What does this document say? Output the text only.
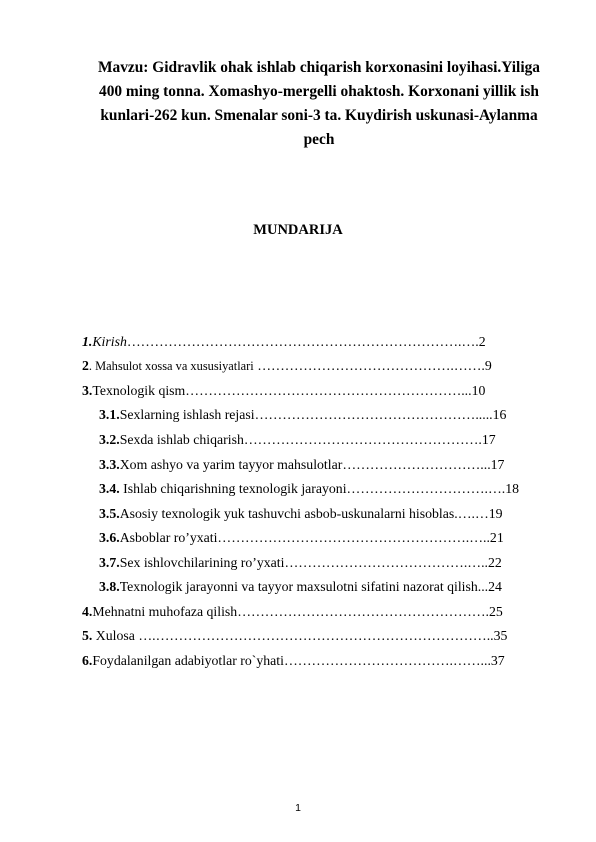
Mavzu: Gidravlik ohak ishlab chiqarish korxonasini loyihasi.Yiliga
400 ming tonna. Xomashyo-mergelli ohaktosh. Korxonani yillik ish
kunlari-262 kun. Smenalar soni-3 ta. Kuydirish uskunasi-Aylanma
pech
MUNDARIJA
1.Kirish……………………………………………………………….….2
2. Mahsulot xossa va xususiyatlari …………………………………….…….9
3.Texnologik qism……………………………………………………...10
3.1.Sexlarning ishlash rejasi………………………………………….....16
3.2.Sexda ishlab chiqarish…………………………………………….17
3.3.Xom ashyo va yarim tayyor mahsulotlar…………………………...17
3.4. Ishlab chiqarishning texnologik jarayoni………………………….….18
3.5.Asosiy texnologik yuk tashuvchi asbob-uskunalarni hisoblas.….…19
3.6.Asboblar ro’yxati……………………………………………….…..21
3.7.Sex ishlovchilarining ro’yxati………………………………….…..22
3.8.Texnologik jarayonni va tayyor maxsulotni sifatini nazorat qilish...24
4.Mehnatni muhofaza qilish……………………………………………….25
5. Xulosa ….………………………………………………………………..35
6.Foydalanilgan adabiyotlar ro`yhati……………………………….……...37
1
